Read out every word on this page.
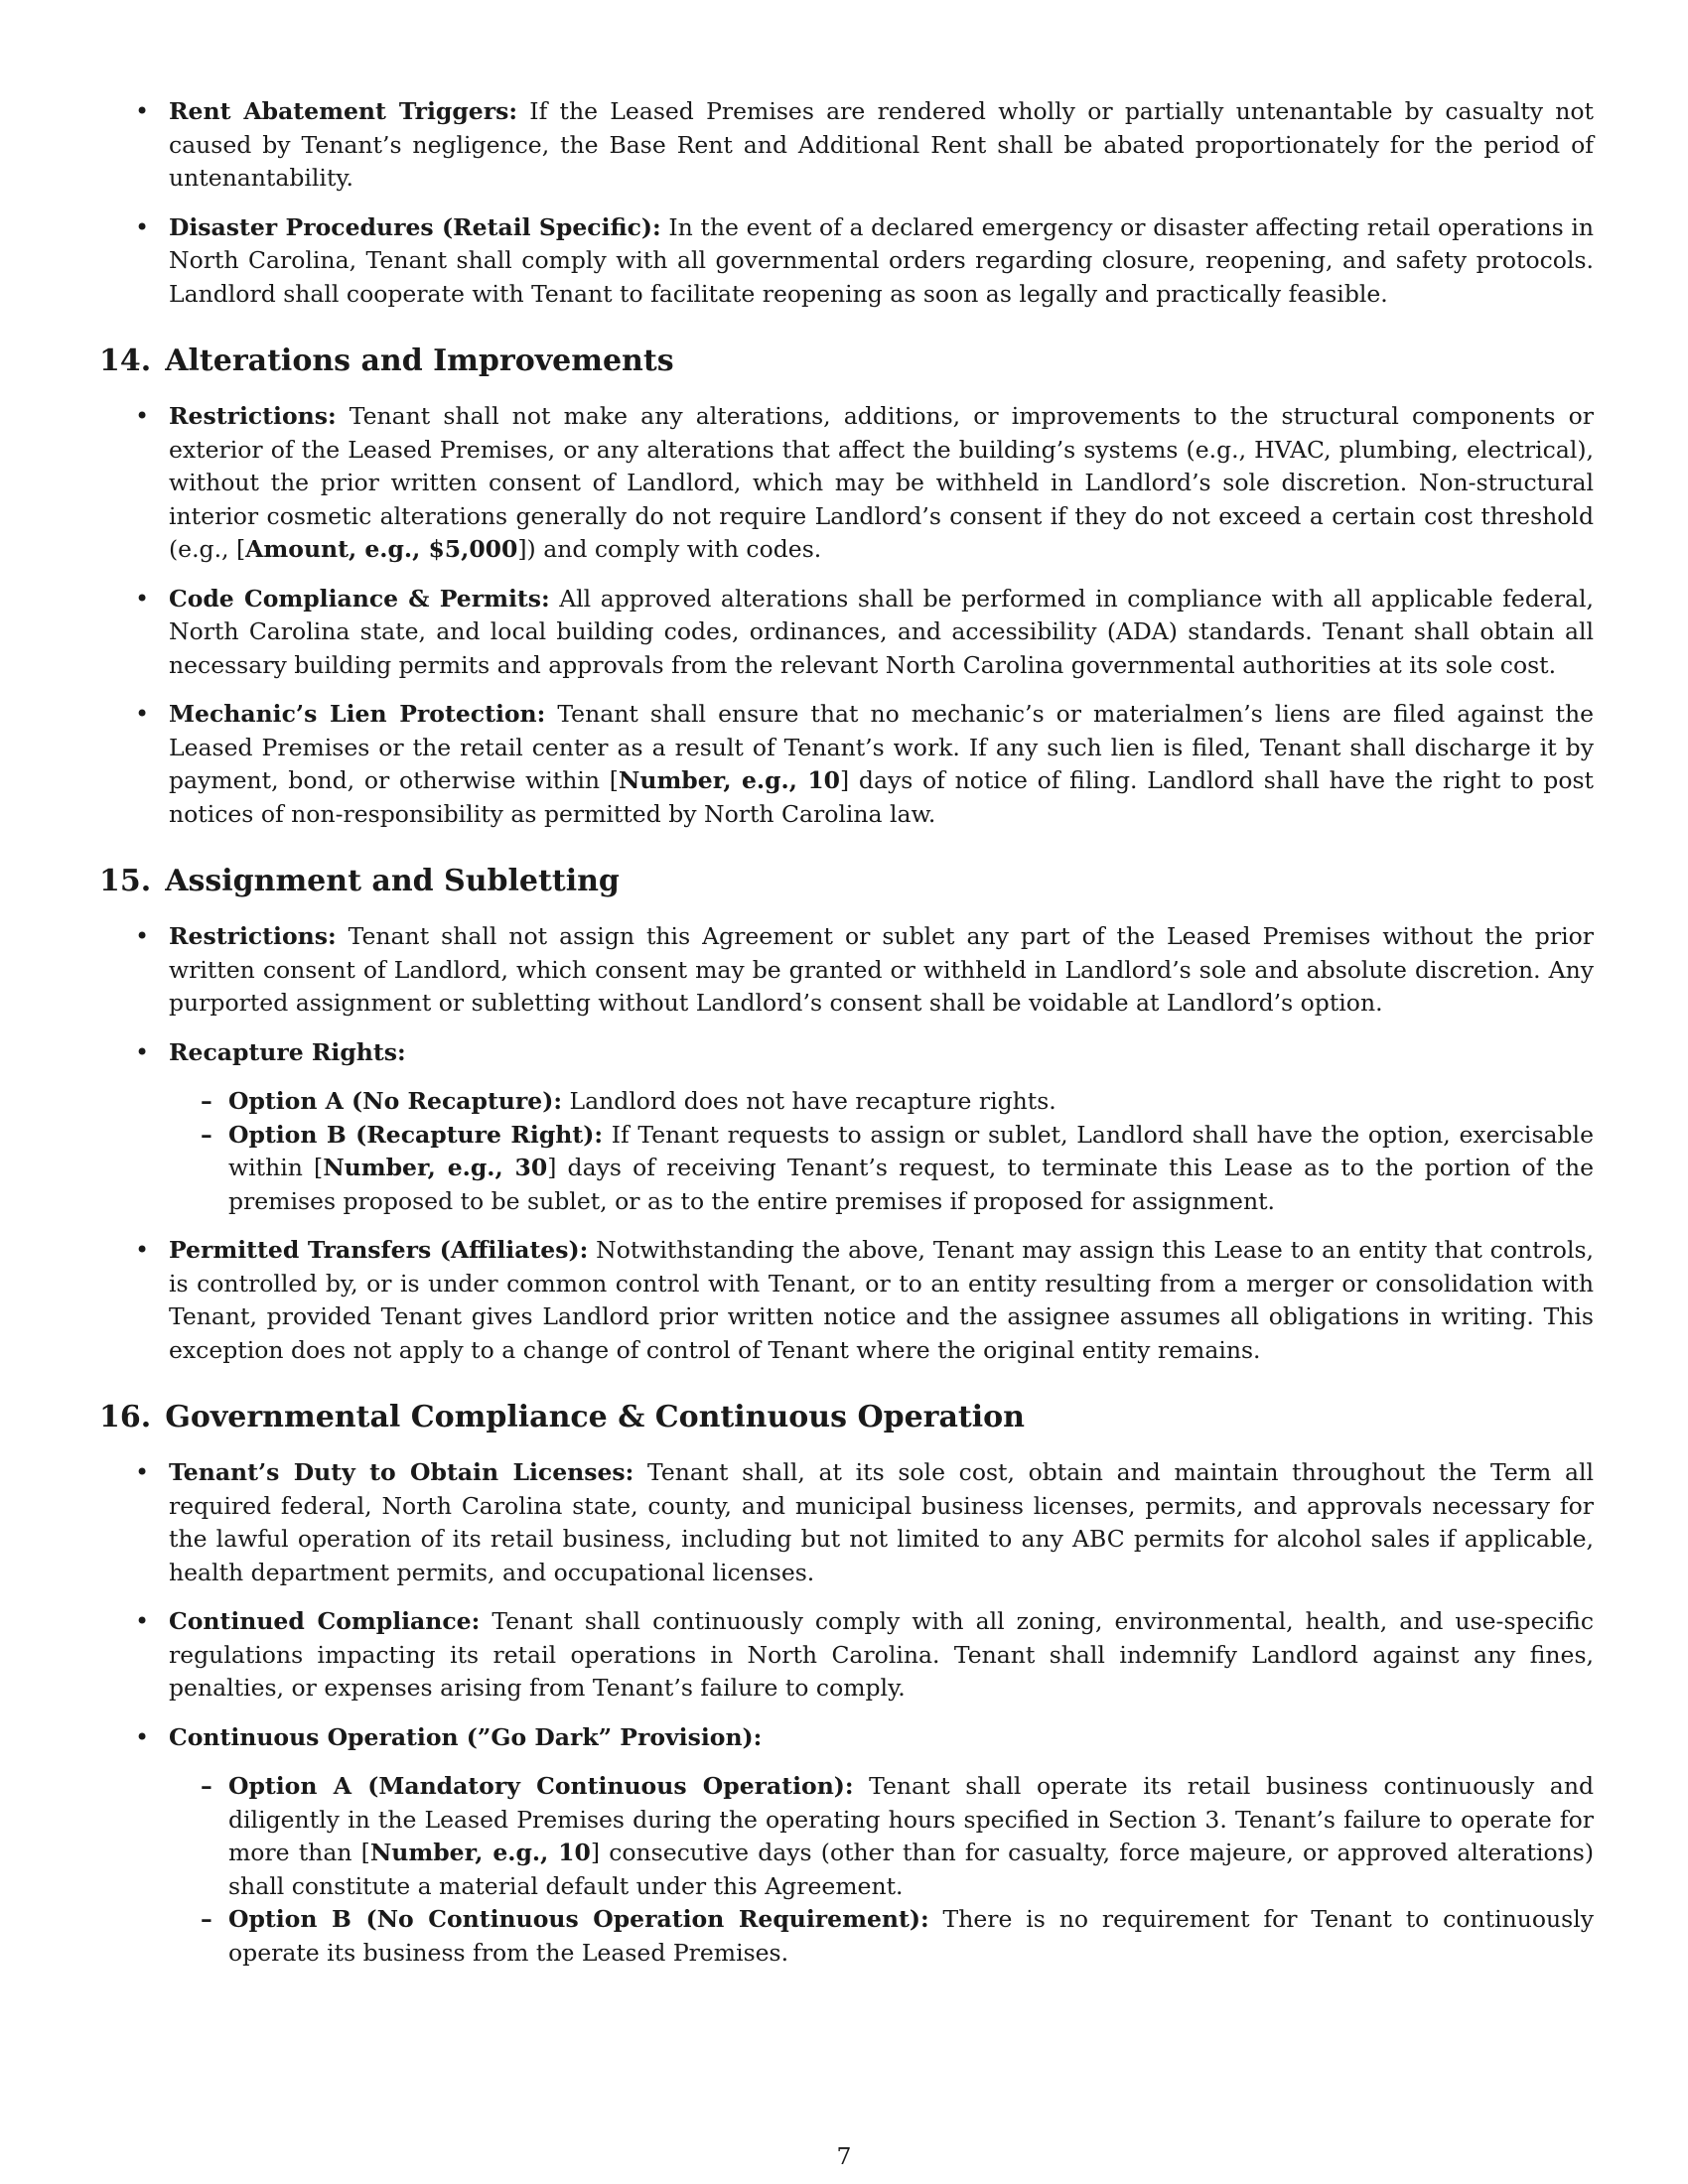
• Rent Abatement Triggers: If the Leased Premises are rendered wholly or partially untenantable by casualty not caused by Tenant’s negligence, the Base Rent and Additional Rent shall be abated proportionately for the period of untenantability.
• Disaster Procedures (Retail Specific): In the event of a declared emergency or disaster affecting retail operations in North Carolina, Tenant shall comply with all governmental orders regarding closure, reopening, and safety protocols. Landlord shall cooperate with Tenant to facilitate reopening as soon as legally and practically feasible.
14. Alterations and Improvements
• Restrictions: Tenant shall not make any alterations, additions, or improvements to the structural components or exterior of the Leased Premises, or any alterations that affect the building’s systems (e.g., HVAC, plumbing, electrical), without the prior written consent of Landlord, which may be withheld in Landlord’s sole discretion. Non-structural interior cosmetic alterations generally do not require Landlord’s consent if they do not exceed a certain cost threshold (e.g., [Amount, e.g., $5,000]) and comply with codes.
• Code Compliance & Permits: All approved alterations shall be performed in compliance with all applicable federal, North Carolina state, and local building codes, ordinances, and accessibility (ADA) standards. Tenant shall obtain all necessary building permits and approvals from the relevant North Carolina governmental authorities at its sole cost.
• Mechanic’s Lien Protection: Tenant shall ensure that no mechanic’s or materialmen’s liens are filed against the Leased Premises or the retail center as a result of Tenant’s work. If any such lien is filed, Tenant shall discharge it by payment, bond, or otherwise within [Number, e.g., 10] days of notice of filing. Landlord shall have the right to post notices of non-responsibility as permitted by North Carolina law.
15. Assignment and Subletting
• Restrictions: Tenant shall not assign this Agreement or sublet any part of the Leased Premises without the prior written consent of Landlord, which consent may be granted or withheld in Landlord’s sole and absolute discretion. Any purported assignment or subletting without Landlord’s consent shall be voidable at Landlord’s option.
• Recapture Rights:
– Option A (No Recapture): Landlord does not have recapture rights.
– Option B (Recapture Right): If Tenant requests to assign or sublet, Landlord shall have the option, exercisable within [Number, e.g., 30] days of receiving Tenant’s request, to terminate this Lease as to the portion of the premises proposed to be sublet, or as to the entire premises if proposed for assignment.
• Permitted Transfers (Affiliates): Notwithstanding the above, Tenant may assign this Lease to an entity that controls, is controlled by, or is under common control with Tenant, or to an entity resulting from a merger or consolidation with Tenant, provided Tenant gives Landlord prior written notice and the assignee assumes all obligations in writing. This exception does not apply to a change of control of Tenant where the original entity remains.
16. Governmental Compliance & Continuous Operation
• Tenant’s Duty to Obtain Licenses: Tenant shall, at its sole cost, obtain and maintain throughout the Term all required federal, North Carolina state, county, and municipal business licenses, permits, and approvals necessary for the lawful operation of its retail business, including but not limited to any ABC permits for alcohol sales if applicable, health department permits, and occupational licenses.
• Continued Compliance: Tenant shall continuously comply with all zoning, environmental, health, and use-specific regulations impacting its retail operations in North Carolina. Tenant shall indemnify Landlord against any fines, penalties, or expenses arising from Tenant’s failure to comply.
• Continuous Operation (”Go Dark” Provision):
– Option A (Mandatory Continuous Operation): Tenant shall operate its retail business continuously and diligently in the Leased Premises during the operating hours specified in Section 3. Tenant’s failure to operate for more than [Number, e.g., 10] consecutive days (other than for casualty, force majeure, or approved alterations) shall constitute a material default under this Agreement.
– Option B (No Continuous Operation Requirement): There is no requirement for Tenant to continuously operate its business from the Leased Premises.
7
